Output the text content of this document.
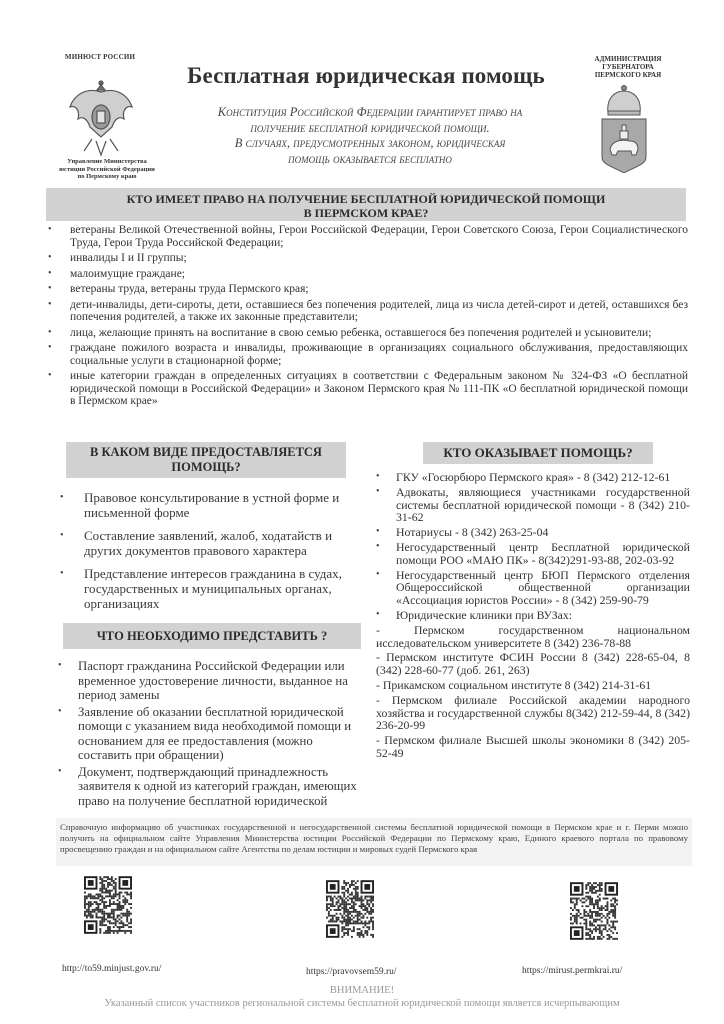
МИНЮСТ РОССИИ
Управление Министерства
юстиции Российской Федерации
по Пермскому краю
Бесплатная юридическая помощь
Конституция Российской Федерации гарантирует право на
получение бесплатной юридической помощи.
В случаях, предусмотренных законом, юридическая
помощь оказывается бесплатно
АДМИНИСТРАЦИЯ
ГУБЕРНАТОРА
ПЕРМСКОГО КРАЯ
КТО ИМЕЕТ ПРАВО НА ПОЛУЧЕНИЕ БЕСПЛАТНОЙ ЮРИДИЧЕСКОЙ ПОМОЩИ
В ПЕРМСКОМ КРАЕ?
• ветераны Великой Отечественной войны, Герои Российской Федерации, Герои Советского Союза, Герои Социалистического Труда, Герои Труда Российской Федерации;
• инвалиды I и II группы;
• малоимущие граждане;
• ветераны труда, ветераны труда Пермского края;
• дети-инвалиды, дети-сироты, дети, оставшиеся без попечения родителей, лица из числа детей-сирот и детей, оставшихся без попечения родителей, а также их законные представители;
• лица, желающие принять на воспитание в свою семью ребенка, оставшегося без попечения родителей и усыновители;
• граждане пожилого возраста и инвалиды, проживающие в организациях социального обслуживания, предоставляющих социальные услуги в стационарной форме;
• иные категории граждан в определенных ситуациях в соответствии с Федеральным законом № 324-ФЗ «О бесплатной юридической помощи в Российской Федерации» и Законом Пермского края № 111-ПК «О бесплатной юридической помощи в Пермском крае»
В КАКОМ ВИДЕ ПРЕДОСТАВЛЯЕТСЯ
ПОМОЩЬ?
• Правовое консультирование в устной форме и письменной форме
• Составление заявлений, жалоб, ходатайств и других документов правового характера
• Представление интересов гражданина в судах, государственных и муниципальных органах, организациях
ЧТО НЕОБХОДИМО ПРЕДСТАВИТЬ ?
• Паспорт гражданина Российской Федерации или временное удостоверение личности, выданное на период замены
• Заявление об оказании бесплатной юридической помощи с указанием вида необходимой помощи и основанием для ее предоставления (можно составить при обращении)
• Документ, подтверждающий принадлежность заявителя к одной из категорий граждан, имеющих право на получение бесплатной юридической
КТО ОКАЗЫВАЕТ ПОМОЩЬ?
• ГКУ «Госюрбюро Пермского края» - 8 (342) 212-12-61
• Адвокаты, являющиеся участниками государственной системы бесплатной юридической помощи - 8 (342) 210-31-62
• Нотариусы - 8 (342) 263-25-04
• Негосударственный центр Бесплатной юридической помощи РОО «МАЮ ПК» - 8(342)291-93-88, 202-03-92
• Негосударственный центр БЮП Пермского отделения Общероссийской общественной организации «Ассоциация юристов России» - 8 (342) 259-90-79
• Юридические клиники при ВУЗах:
- Пермском государственном национальном исследовательском университете 8 (342) 236-78-88
- Пермском институте ФСИН России 8 (342) 228-65-04, 8 (342) 228-60-77 (доб. 261, 263)
- Прикамском социальном институте 8 (342) 214-31-61
- Пермском филиале Российской академии народного хозяйства и государственной службы 8(342) 212-59-44, 8 (342) 236-20-99
- Пермском филиале Высшей школы экономики 8 (342) 205-52-49
Справочную информацию об участниках государственной и негосударственной системы бесплатной юридической помощи в Пермском крае и г. Перми можно получить на официальном сайте Управления Министерства юстиции Российской Федерации по Пермскому краю, Единого краевого портала по правовому просвещению граждан и на официальном сайте Агентства по делам юстиции и мировых судей Пермского края
http://to59.minjust.gov.ru/	https://pravovsem59.ru/	https://mirust.permkrai.ru/
ВНИМАНИЕ!
Указанный список участников региональной системы бесплатной юридической помощи является исчерпывающим
